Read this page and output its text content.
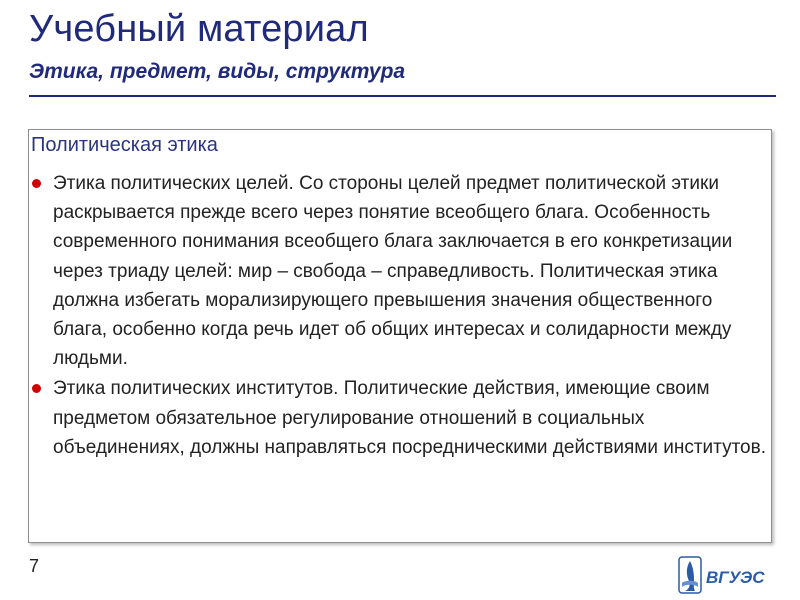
Учебный материал
Этика, предмет, виды, структура

Политическая этика

Этика политических целей. Со стороны целей предмет политической этики раскрывается прежде всего через понятие всеобщего блага. Особенность современного понимания всеобщего блага заключается в его конкретизации через триаду целей: мир – свобода – справедливость. Политическая этика должна избегать морализирующего превышения значения общественного блага, особенно когда речь идет об общих интересах и солидарности между людьми.
Этика политических институтов. Политические действия, имеющие своим предметом обязательное регулирование отношений в социальных объединениях, должны направляться посредническими действиями институтов.
7
ВГУЭС
